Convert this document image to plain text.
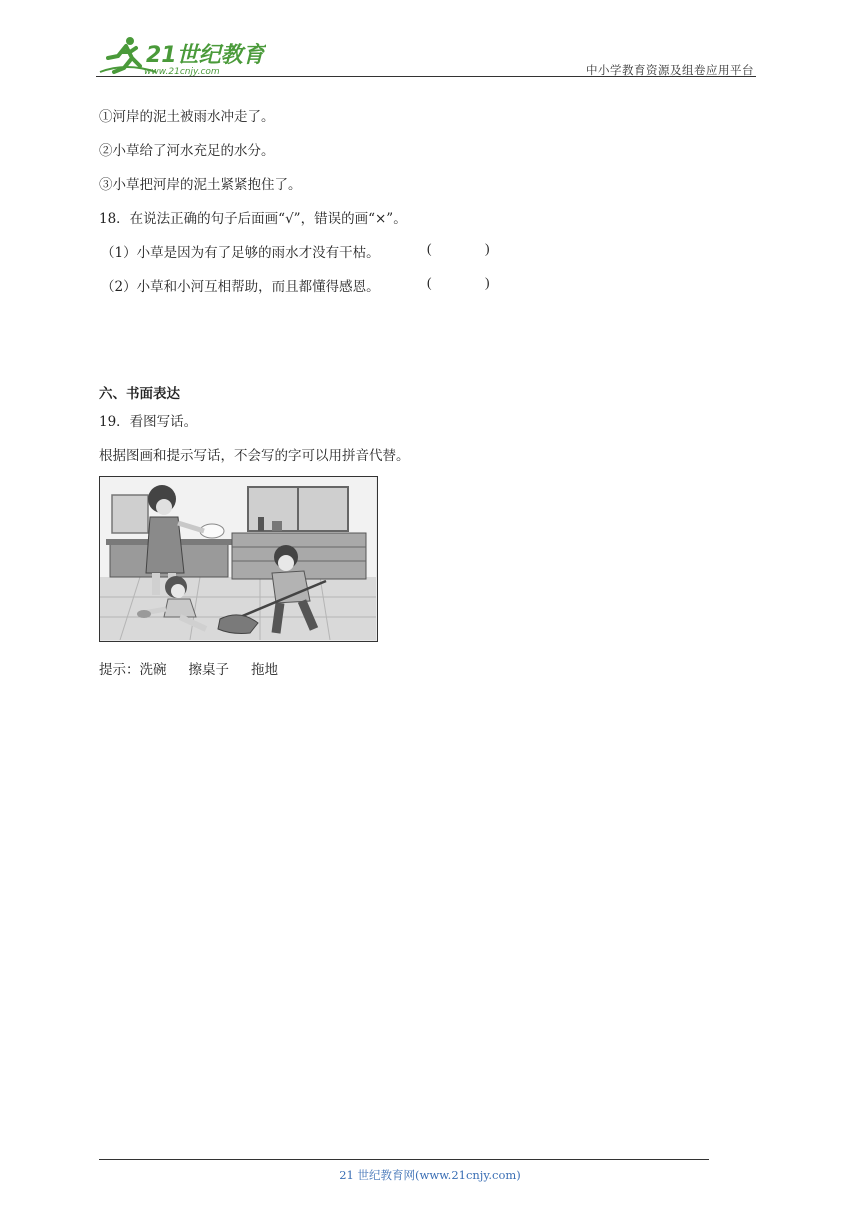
21世纪教育
www.21cnjy.com	中小学教育资源及组卷应用平台
①河岸的泥土被雨水冲走了。
②小草给了河水充足的水分。
③小草把河岸的泥土紧紧抱住了。
18．在说法正确的句子后面画“√”，错误的画“×”。
（1）小草是因为有了足够的雨水才没有干枯。	(	)
（2）小草和小河互相帮助，而且都懂得感恩。	(	)
六、书面表达
19．看图写话。
根据图画和提示写话，不会写的字可以用拼音代替。
提示：洗碗 擦桌子 拖地
21 世纪教育网(www.21cnjy.com)
